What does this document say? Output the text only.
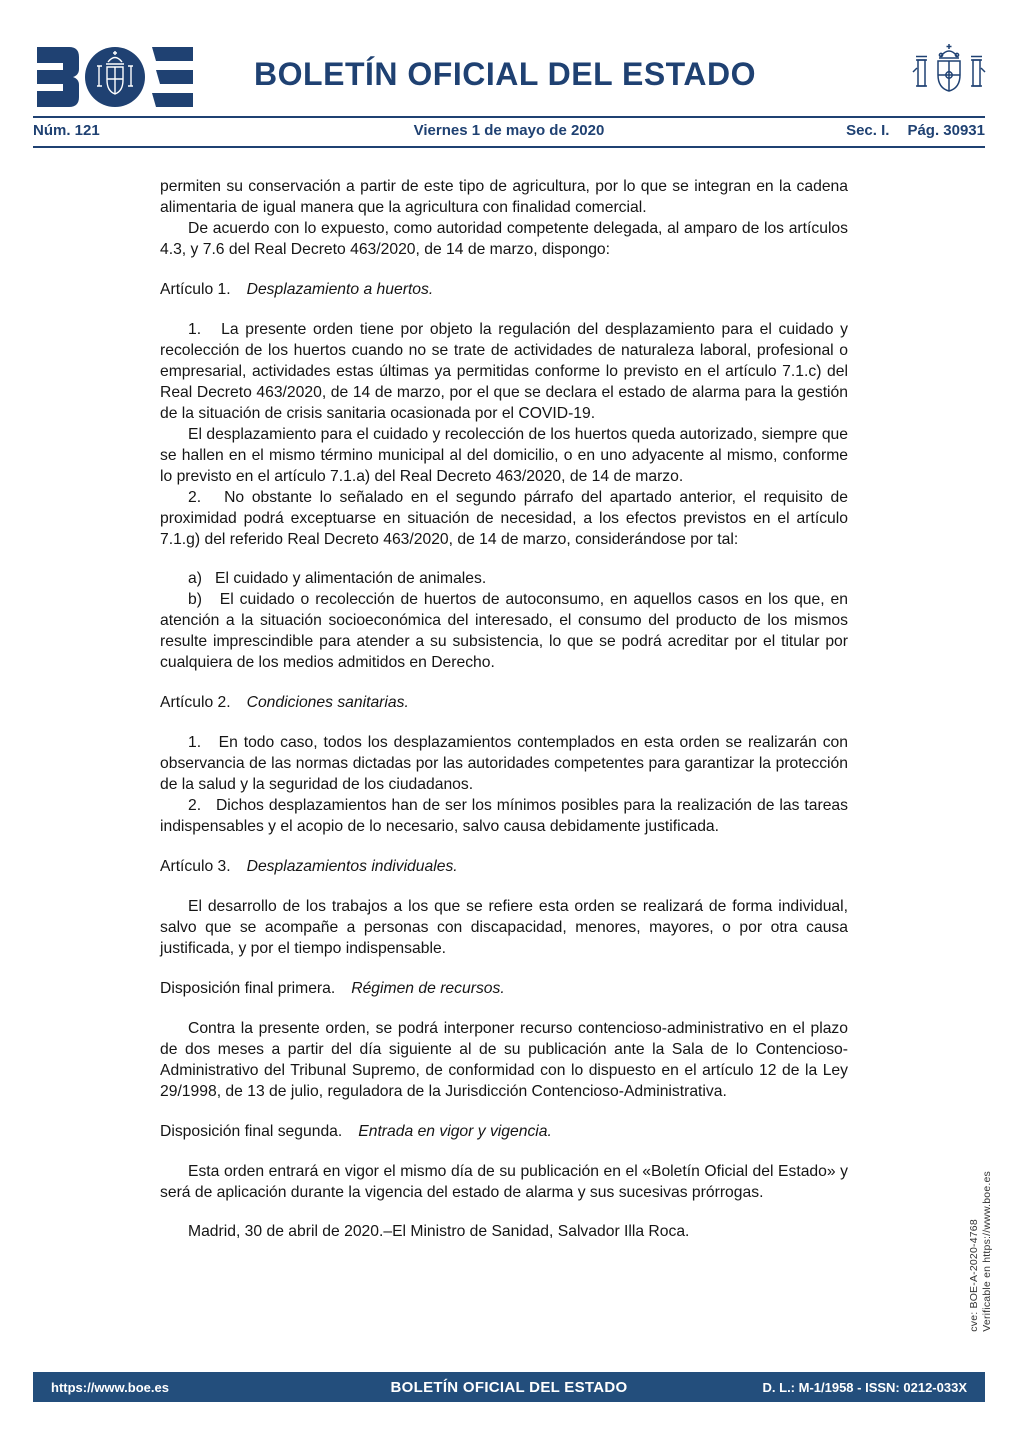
BOLETÍN OFICIAL DEL ESTADO
Núm. 121	Viernes 1 de mayo de 2020	Sec. I. Pág. 30931

permiten su conservación a partir de este tipo de agricultura, por lo que se integran en la cadena alimentaria de igual manera que la agricultura con finalidad comercial.

De acuerdo con lo expuesto, como autoridad competente delegada, al amparo de los artículos 4.3, y 7.6 del Real Decreto 463/2020, de 14 de marzo, dispongo:

Artículo 1. Desplazamiento a huertos.

1.   La presente orden tiene por objeto la regulación del desplazamiento para el cuidado y recolección de los huertos cuando no se trate de actividades de naturaleza laboral, profesional o empresarial, actividades estas últimas ya permitidas conforme lo previsto en el artículo 7.1.c) del Real Decreto 463/2020, de 14 de marzo, por el que se declara el estado de alarma para la gestión de la situación de crisis sanitaria ocasionada por el COVID-19.

El desplazamiento para el cuidado y recolección de los huertos queda autorizado, siempre que se hallen en el mismo término municipal al del domicilio, o en uno adyacente al mismo, conforme lo previsto en el artículo 7.1.a) del Real Decreto 463/2020, de 14 de marzo.

2.   No obstante lo señalado en el segundo párrafo del apartado anterior, el requisito de proximidad podrá exceptuarse en situación de necesidad, a los efectos previstos en el artículo 7.1.g) del referido Real Decreto 463/2020, de 14 de marzo, considerándose por tal:

a)   El cuidado y alimentación de animales.

b)   El cuidado o recolección de huertos de autoconsumo, en aquellos casos en los que, en atención a la situación socioeconómica del interesado, el consumo del producto de los mismos resulte imprescindible para atender a su subsistencia, lo que se podrá acreditar por el titular por cualquiera de los medios admitidos en Derecho.

Artículo 2. Condiciones sanitarias.

1.   En todo caso, todos los desplazamientos contemplados en esta orden se realizarán con observancia de las normas dictadas por las autoridades competentes para garantizar la protección de la salud y la seguridad de los ciudadanos.

2.   Dichos desplazamientos han de ser los mínimos posibles para la realización de las tareas indispensables y el acopio de lo necesario, salvo causa debidamente justificada.

Artículo 3. Desplazamientos individuales.

El desarrollo de los trabajos a los que se refiere esta orden se realizará de forma individual, salvo que se acompañe a personas con discapacidad, menores, mayores, o por otra causa justificada, y por el tiempo indispensable.

Disposición final primera. Régimen de recursos.

Contra la presente orden, se podrá interponer recurso contencioso-administrativo en el plazo de dos meses a partir del día siguiente al de su publicación ante la Sala de lo Contencioso-Administrativo del Tribunal Supremo, de conformidad con lo dispuesto en el artículo 12 de la Ley 29/1998, de 13 de julio, reguladora de la Jurisdicción Contencioso-Administrativa.

Disposición final segunda. Entrada en vigor y vigencia.

Esta orden entrará en vigor el mismo día de su publicación en el «Boletín Oficial del Estado» y será de aplicación durante la vigencia del estado de alarma y sus sucesivas prórrogas.

Madrid, 30 de abril de 2020.–El Ministro de Sanidad, Salvador Illa Roca.	cve: BOE-A-2020-4768 Verificable en https://www.boe.es
https://www.boe.es	BOLETÍN OFICIAL DEL ESTADO	D. L.: M-1/1958 - ISSN: 0212-033X
